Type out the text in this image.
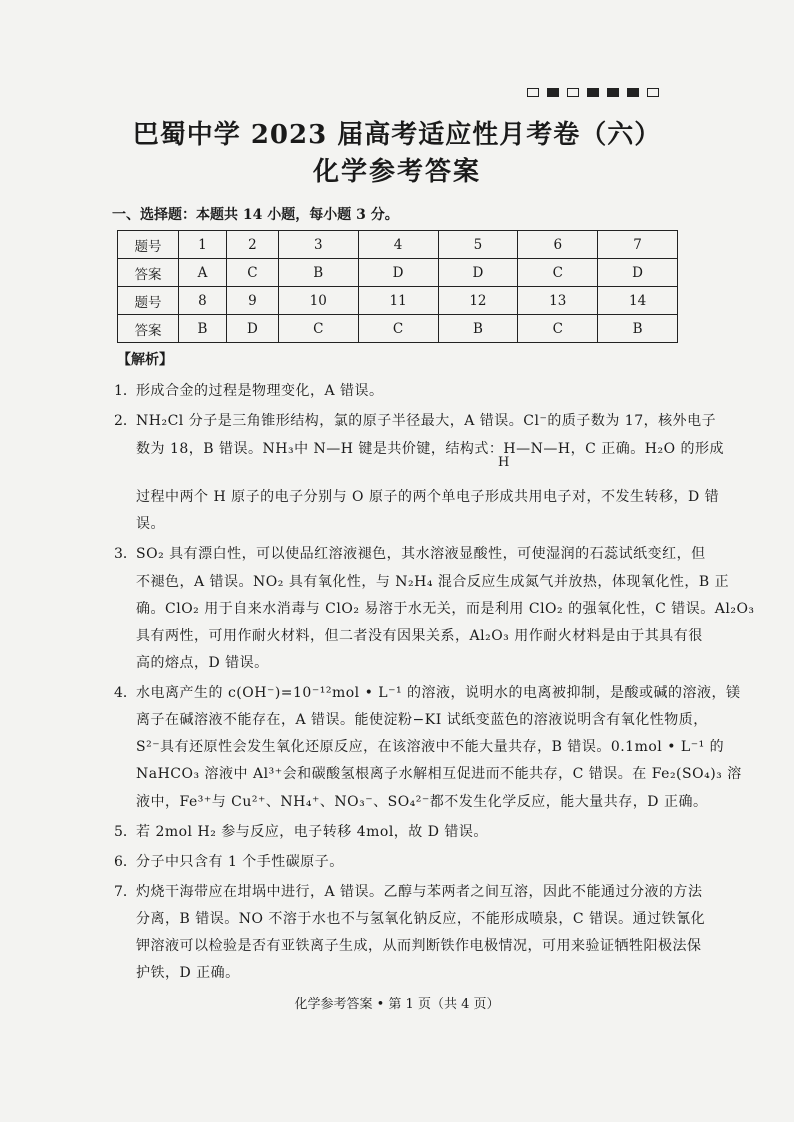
巴蜀中学 2023 届高考适应性月考卷（六）
化学参考答案
一、选择题：本题共 14 小题，每小题 3 分。
题号	1	2	3	4	5	6	7
答案	A	C	B	D	D	C	D
题号	8	9	10	11	12	13	14
答案	B	D	C	C	B	C	B
【解析】
1． 形成合金的过程是物理变化，A 错误。
2． NH₂Cl 分子是三角锥形结构，氯的原子半径最大，A 错误。Cl⁻的质子数为 17，核外电子
数为 18，B 错误。NH₃中 N—H 键是共价键，结构式：H—N—H，C 正确。H₂O 的形成
H
过程中两个 H 原子的电子分别与 O 原子的两个单电子形成共用电子对，不发生转移，D 错
误。
3． SO₂ 具有漂白性，可以使品红溶液褪色，其水溶液显酸性，可使湿润的石蕊试纸变红，但
不褪色，A 错误。NO₂ 具有氧化性，与 N₂H₄ 混合反应生成氮气并放热，体现氧化性，B 正
确。ClO₂ 用于自来水消毒与 ClO₂ 易溶于水无关，而是利用 ClO₂ 的强氧化性，C 错误。Al₂O₃
具有两性，可用作耐火材料，但二者没有因果关系，Al₂O₃ 用作耐火材料是由于其具有很
高的熔点，D 错误。
4． 水电离产生的 c(OH⁻)=10⁻¹²mol • L⁻¹ 的溶液，说明水的电离被抑制，是酸或碱的溶液，镁
离子在碱溶液不能存在，A 错误。能使淀粉−KI 试纸变蓝色的溶液说明含有氧化性物质，
S²⁻具有还原性会发生氧化还原反应，在该溶液中不能大量共存，B 错误。0.1mol • L⁻¹ 的
NaHCO₃ 溶液中 Al³⁺会和碳酸氢根离子水解相互促进而不能共存，C 错误。在 Fe₂(SO₄)₃ 溶
液中，Fe³⁺与 Cu²⁺、NH₄⁺、NO₃⁻、SO₄²⁻都不发生化学反应，能大量共存，D 正确。
5． 若 2mol H₂ 参与反应，电子转移 4mol，故 D 错误。
6． 分子中只含有 1 个手性碳原子。
7． 灼烧干海带应在坩埚中进行，A 错误。乙醇与苯两者之间互溶，因此不能通过分液的方法
分离，B 错误。NO 不溶于水也不与氢氧化钠反应，不能形成喷泉，C 错误。通过铁氰化
钾溶液可以检验是否有亚铁离子生成，从而判断铁作电极情况，可用来验证牺牲阳极法保
护铁，D 正确。
化学参考答案 • 第 1 页（共 4 页）
